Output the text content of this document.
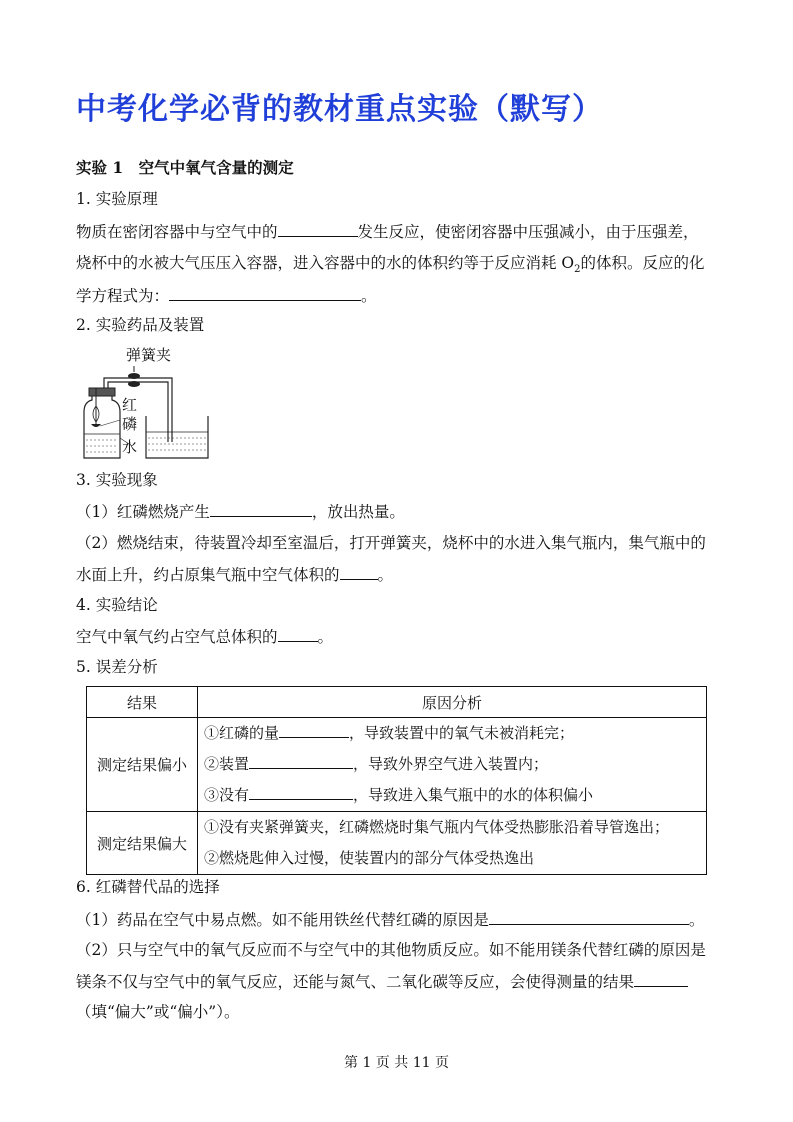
中考化学必背的教材重点实验（默写）
实验 1　空气中氧气含量的测定
1. 实验原理
物质在密闭容器中与空气中的	发生反应，使密闭容器中压强减小，由于压强差，
烧杯中的水被大气压压入容器，进入容器中的水的体积约等于反应消耗 $O_2$的体积。反应的化
学方程式为：	。
2. 实验药品及装置
弹簧夹
红
磷
水
3. 实验现象
（1）红磷燃烧产生	，放出热量。
（2）燃烧结束，待装置冷却至室温后，打开弹簧夹，烧杯中的水进入集气瓶内，集气瓶中的
水面上升，约占原集气瓶中空气体积的 。
4. 实验结论
空气中氧气约占空气总体积的	。
5. 误差分析
结果	原因分析
测定结果偏小	①红磷的量 ，导致装置中的氧气未被消耗完；
②装置 ，导致外界空气进入装置内；
③没有 ，导致进入集气瓶中的水的体积偏小

测定结果偏大	①没有夹紧弹簧夹，红磷燃烧时集气瓶内气体受热膨胀沿着导管逸出；
②燃烧匙伸入过慢，使装置内的部分气体受热逸出
6. 红磷替代品的选择
（1）药品在空气中易点燃。如不能用铁丝代替红磷的原因是	。
（2）只与空气中的氧气反应而不与空气中的其他物质反应。如不能用镁条代替红磷的原因是
镁条不仅与空气中的氧气反应，还能与氮气、二氧化碳等反应，会使得测量的结果
（填“偏大”或“偏小”）。
第 1 页 共 11 页
